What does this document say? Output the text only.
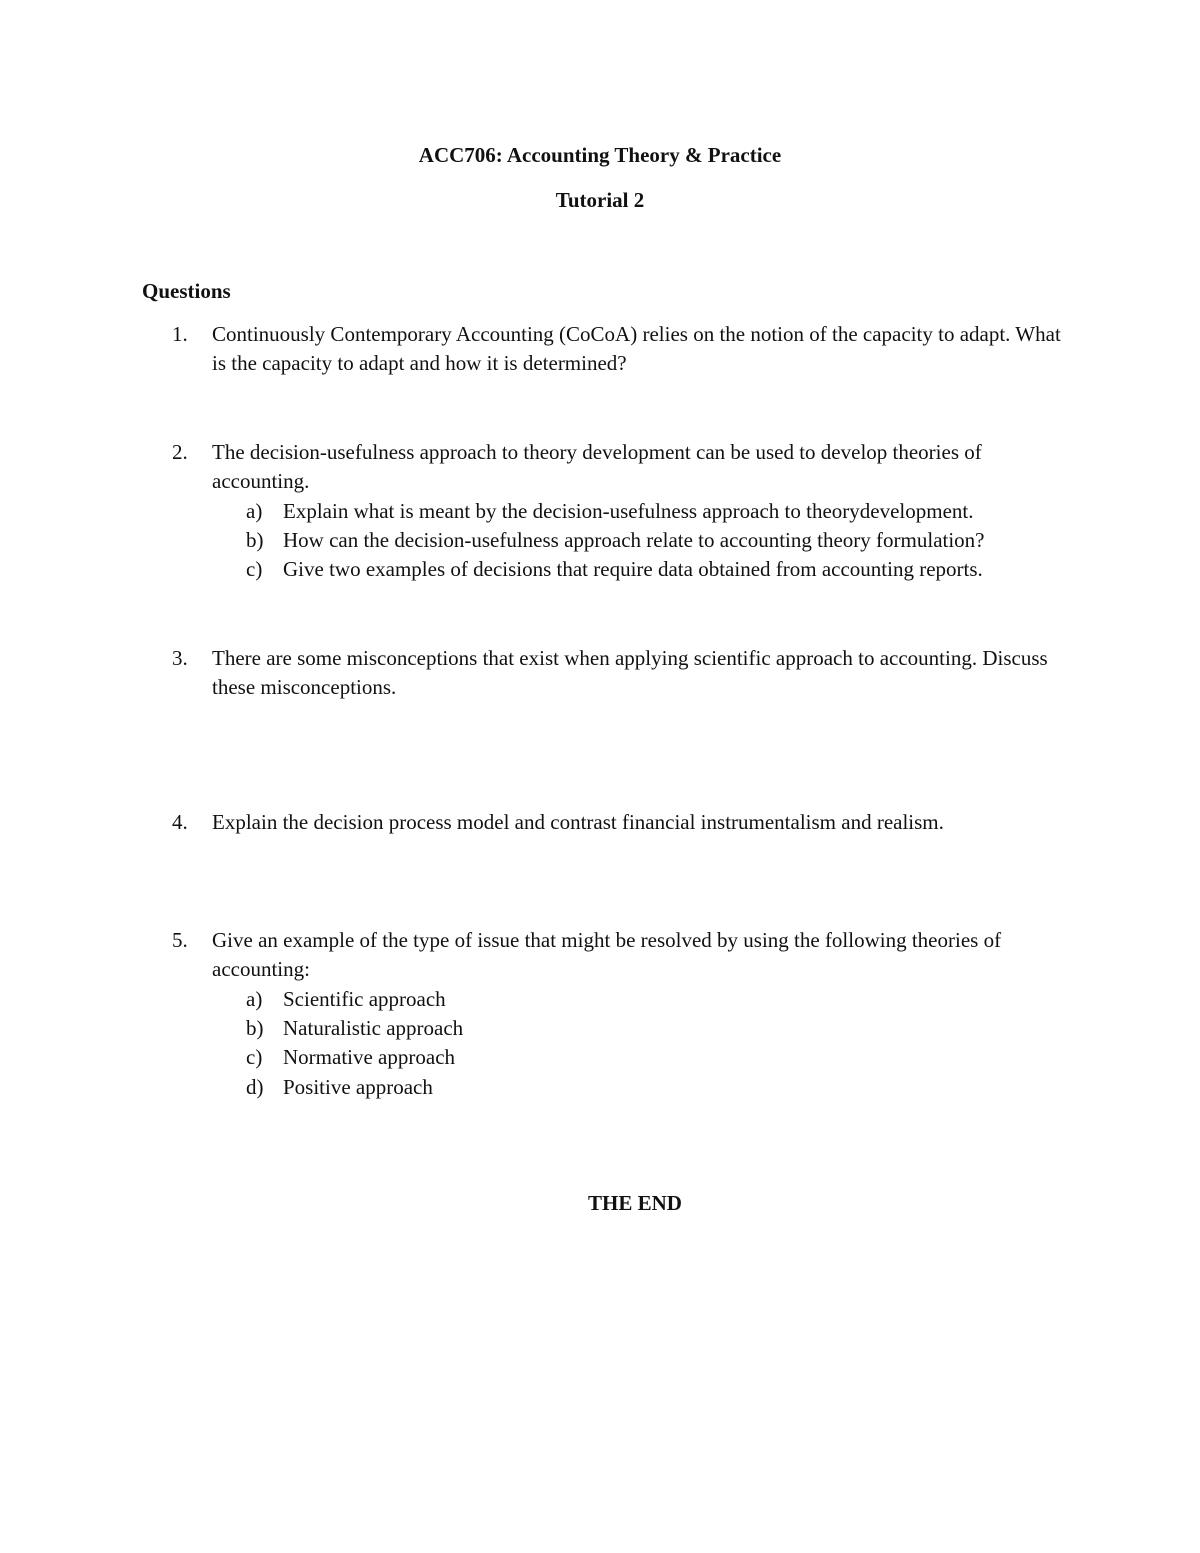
ACC706: Accounting Theory & Practice
Tutorial 2
Questions
1. Continuously Contemporary Accounting (CoCoA) relies on the notion of the capacity to adapt. What is the capacity to adapt and how it is determined?
2. The decision-usefulness approach to theory development can be used to develop theories of accounting.
a) Explain what is meant by the decision-usefulness approach to theorydevelopment.
b) How can the decision-usefulness approach relate to accounting theory formulation?
c) Give two examples of decisions that require data obtained from accounting reports.
3. There are some misconceptions that exist when applying scientific approach to accounting. Discuss these misconceptions.
4. Explain the decision process model and contrast financial instrumentalism and realism.
5. Give an example of the type of issue that might be resolved by using the following theories of accounting:
a) Scientific approach
b) Naturalistic approach
c) Normative approach
d) Positive approach
THE END
